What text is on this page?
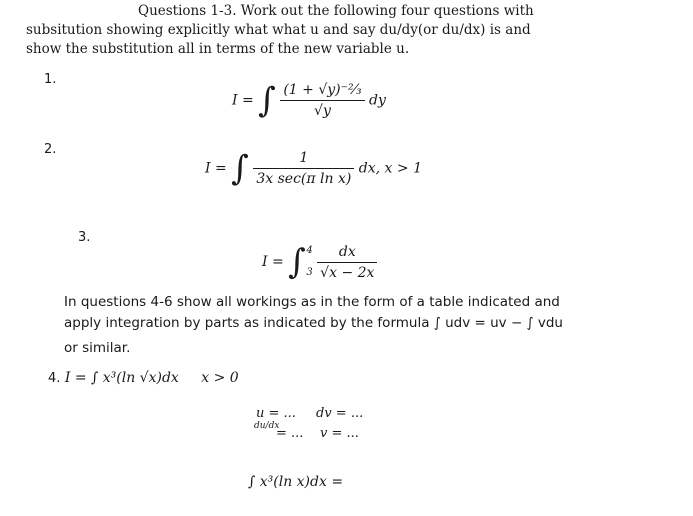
Questions 1-3. Work out the following four questions with
subsitution showing explicitly what what u and say du/dy(or du/dx) is and
show the substitution all in terms of the new variable u.
1.
I = ∫ $\frac{\text{(1 + √y)⁻²⁄₃}}{√y}$ dy
2.
I = ∫ $\frac{1}{\text{3x sec(π ln x)}}$ dx, x > 1
3.
I = ∫ 4
3
$\frac{dx}{√x - 2x}$
In questions 4-6 show all workings as in the form of a table indicated and
apply integration by parts as indicated by the formula ∫ udv = uv − ∫ vdu
or similar.
4. I = ∫ x³(ln √x)dx x > 0
u = ... dv = ...
du/dx
= ... v = ...
∫ x³(ln x)dx =
